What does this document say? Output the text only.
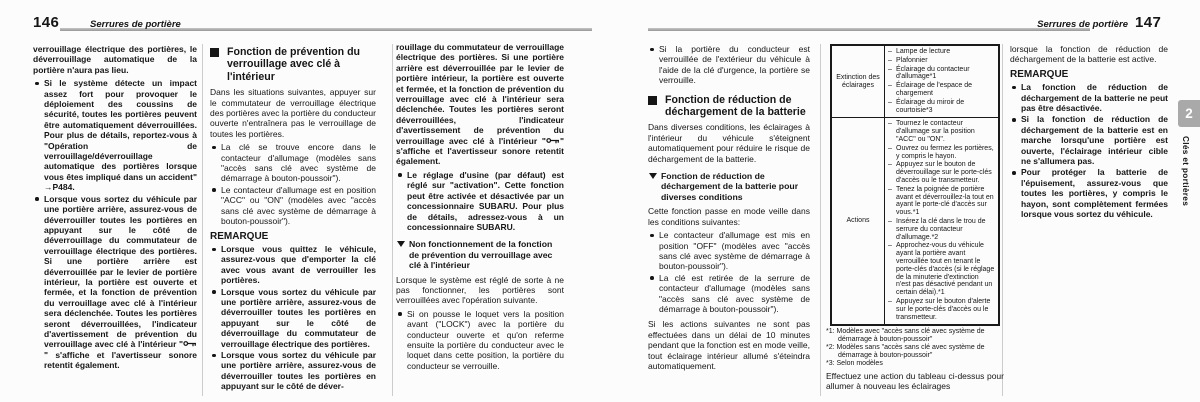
146	Serrures de portière	Serrures de portière 147
2
Clés et portières

verrouillage électrique des portières, le déverrouillage automatique de la portière n'aura pas lieu.

Si le système détecte un impact assez fort pour provoquer le déploiement des coussins de sécurité, toutes les portières peuvent être automatiquement déverrouillées. Pour plus de détails, reportez-vous à "Opération de verrouillage/déverrouillage automatique des portières lorsque vous êtes impliqué dans un accident" →P484.
Lorsque vous sortez du véhicule par une portière arrière, assurez-vous de déverrouiller toutes les portières en appuyant sur le côté de déverrouillage du commutateur de verrouillage électrique des portières. Si une portière arrière est déverrouillée par le levier de portière intérieur, la portière est ouverte et fermée, et la fonction de prévention du verrouillage avec clé à l'intérieur sera déclenchée. Toutes les portières seront déverrouillées, l'indicateur d'avertissement de prévention du verrouillage avec clé à l'intérieur "" s'affiche et l'avertisseur sonore retentit également.
Fonction de prévention du verrouillage avec clé à l'intérieur

Dans les situations suivantes, appuyer sur le commutateur de verrouillage électrique des portières avec la portière du conducteur ouverte n'entraînera pas le verrouillage de toutes les portières.

La clé se trouve encore dans le contacteur d'allumage (modèles sans "accès sans clé avec système de démarrage à bouton-poussoir").
Le contacteur d'allumage est en position "ACC" ou "ON" (modèles avec "accès sans clé avec système de démarrage à bouton-poussoir").
REMARQUE
Lorsque vous quittez le véhicule, assurez-vous que d'emporter la clé avec vous avant de verrouiller les portières.
Lorsque vous sortez du véhicule par une portière arrière, assurez-vous de déverrouiller toutes les portières en appuyant sur le côté de déverrouillage du commutateur de verrouillage électrique des portières.
Lorsque vous sortez du véhicule par une portière arrière, assurez-vous de déverrouiller toutes les portières en appuyant sur le côté de déver-

rouillage du commutateur de verrouillage électrique des portières. Si une portière arrière est déverrouillée par le levier de portière intérieur, la portière est ouverte et fermée, et la fonction de prévention du verrouillage avec clé à l'intérieur sera déclenchée. Toutes les portières seront déverrouillées, l'indicateur d'avertissement de prévention du verrouillage avec clé à l'intérieur " " s'affiche et l'avertisseur sonore retentit également.

Le réglage d'usine (par défaut) est réglé sur "activation". Cette fonction peut être activée et désactivée par un concessionnaire SUBARU. Pour plus de détails, adressez-vous à un concessionnaire SUBARU.
Non fonctionnement de la fonction de prévention du verrouillage avec clé à l'intérieur

Lorsque le système est réglé de sorte à ne pas fonctionner, les portières sont verrouillées avec l'opération suivante.

Si on pousse le loquet vers la position avant ("LOCK") avec la portière du conducteur ouverte et qu'on referme ensuite la portière du conducteur avec le loquet dans cette position, la portière du conducteur se verrouille.
Si la portière du conducteur est verrouillée de l'extérieur du véhicule à l'aide de la clé d'urgence, la portière se verrouille.
Fonction de réduction de déchargement de la batterie

Dans diverses conditions, les éclairages à l'intérieur du véhicule s'éteignent automatiquement pour réduire le risque de déchargement de la batterie.

Fonction de réduction de déchargement de la batterie pour diverses conditions

Cette fonction passe en mode veille dans les conditions suivantes:

Le contacteur d'allumage est mis en position "OFF" (modèles avec "accès sans clé avec système de démarrage à bouton-poussoir").
La clé est retirée de la serrure de contacteur d'allumage (modèles sans "accès sans clé avec système de démarrage à bouton-poussoir").

Si les actions suivantes ne sont pas effectuées dans un délai de 10 minutes pendant que la fonction est en mode veille, tout éclairage intérieur allumé s'éteindra automatiquement.

Extinction des éclairages	– Lampe de lecture
– Plafonnier
– Éclairage du contacteur d'allumage*1
– Éclairage de l'espace de chargement
– Éclairage du miroir de courtoisie*3

Actions	
– Tournez le contacteur d'allumage sur la position "ACC" ou "ON".
– Ouvrez ou fermez les portières, y compris le hayon.
– Appuyez sur le bouton de déverrouillage sur le porte-clés d'accès ou le transmetteur.
– Tenez la poignée de portière avant et déverrouillez-la tout en ayant le porte-clé d'accès sur vous.*1
– Insérez la clé dans le trou de serrure du contacteur d'allumage.*2
– Approchez-vous du véhicule ayant la portière avant verrouillée tout en tenant le porte-clés d'accès (si le réglage de la minuterie d'extinction n'est pas désactivé pendant un certain délai).*1
– Appuyez sur le bouton d'alerte sur le porte-clés d'accès ou le transmetteur.
*1: Modèles avec "accès sans clé avec système de démarrage à bouton-poussoir"
*2: Modèles sans "accès sans clé avec système de démarrage à bouton-poussoir"
*3: Selon modèles

Effectuez une action du tableau ci-dessus pour allumer à nouveau les éclairages

lorsque la fonction de réduction de déchargement de la batterie est active.

REMARQUE
La fonction de réduction de déchargement de la batterie ne peut pas être désactivée.
Si la fonction de réduction de déchargement de la batterie est en marche lorsqu'une portière est ouverte, l'éclairage intérieur cible ne s'allumera pas.
Pour protéger la batterie de l'épuisement, assurez-vous que toutes les portières, y compris le hayon, sont complètement fermées lorsque vous sortez du véhicule.
